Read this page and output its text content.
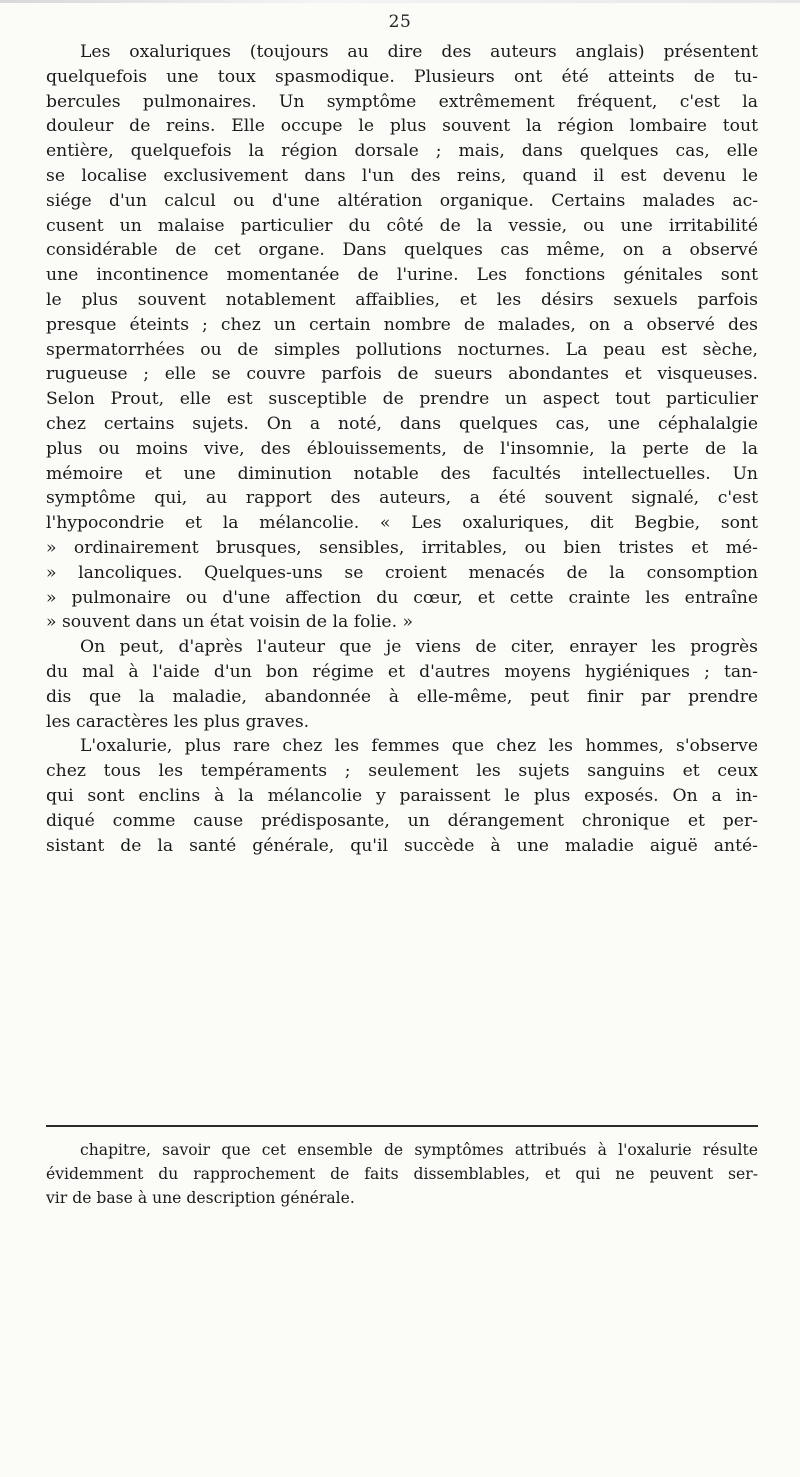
25
Les oxaluriques (toujours au dire des auteurs anglais) présentent
quelquefois une toux spasmodique. Plusieurs ont été atteints de tu-
bercules pulmonaires. Un symptôme extrêmement fréquent, c'est la
douleur de reins. Elle occupe le plus souvent la région lombaire tout
entière, quelquefois la région dorsale ; mais, dans quelques cas, elle
se localise exclusivement dans l'un des reins, quand il est devenu le
siége d'un calcul ou d'une altération organique. Certains malades ac-
cusent un malaise particulier du côté de la vessie, ou une irritabilité
considérable de cet organe. Dans quelques cas même, on a observé
une incontinence momentanée de l'urine. Les fonctions génitales sont
le plus souvent notablement affaiblies, et les désirs sexuels parfois
presque éteints ; chez un certain nombre de malades, on a observé des
spermatorrhées ou de simples pollutions nocturnes. La peau est sèche,
rugueuse ; elle se couvre parfois de sueurs abondantes et visqueuses.
Selon Prout, elle est susceptible de prendre un aspect tout particulier
chez certains sujets. On a noté, dans quelques cas, une céphalalgie
plus ou moins vive, des éblouissements, de l'insomnie, la perte de la
mémoire et une diminution notable des facultés intellectuelles. Un
symptôme qui, au rapport des auteurs, a été souvent signalé, c'est
l'hypocondrie et la mélancolie. « Les oxaluriques, dit Begbie, sont
» ordinairement brusques, sensibles, irritables, ou bien tristes et mé-
» lancoliques. Quelques-uns se croient menacés de la consomption
» pulmonaire ou d'une affection du cœur, et cette crainte les entraîne
» souvent dans un état voisin de la folie. »
On peut, d'après l'auteur que je viens de citer, enrayer les progrès
du mal à l'aide d'un bon régime et d'autres moyens hygiéniques ; tan-
dis que la maladie, abandonnée à elle-même, peut finir par prendre
les caractères les plus graves.
L'oxalurie, plus rare chez les femmes que chez les hommes, s'observe
chez tous les tempéraments ; seulement les sujets sanguins et ceux
qui sont enclins à la mélancolie y paraissent le plus exposés. On a in-
diqué comme cause prédisposante, un dérangement chronique et per-
sistant de la santé générale, qu'il succède à une maladie aiguë anté-
chapitre, savoir que cet ensemble de symptômes attribués à l'oxalurie résulte
évidemment du rapprochement de faits dissemblables, et qui ne peuvent ser-
vir de base à une description générale.
